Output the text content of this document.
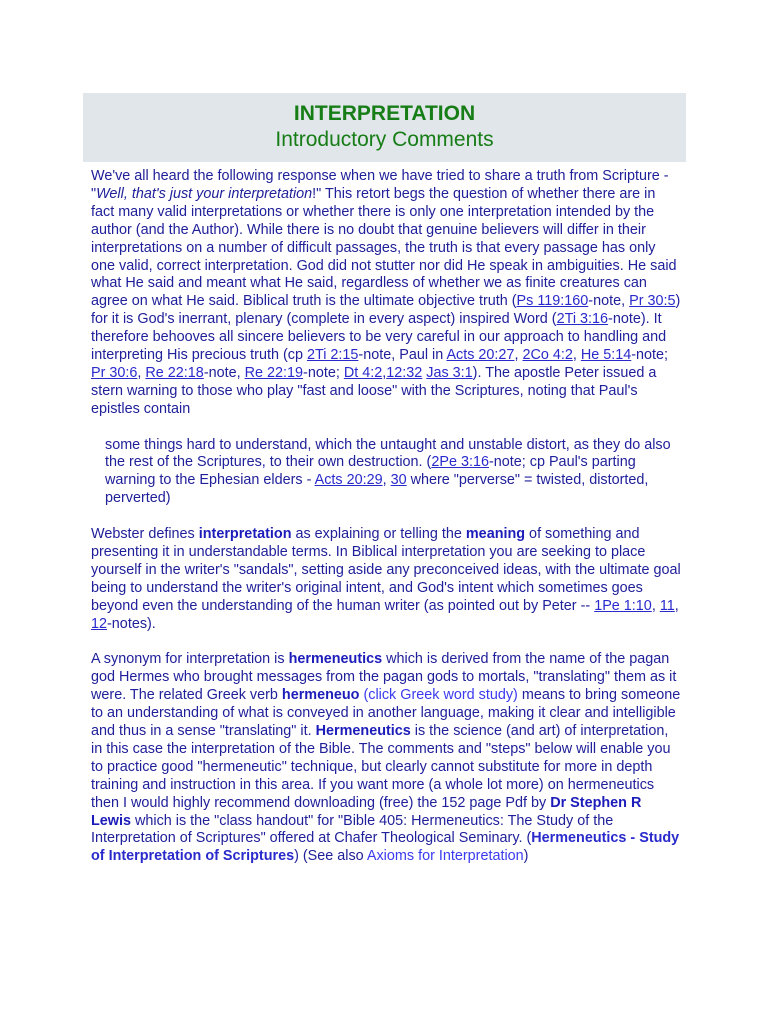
INTERPRETATION
Introductory Comments

We've all heard the following response when we have tried to share a truth from Scripture - "Well, that's just your interpretation!" This retort begs the question of whether there are in fact many valid interpretations or whether there is only one interpretation intended by the author (and the Author). While there is no doubt that genuine believers will differ in their interpretations on a number of difficult passages, the truth is that every passage has only one valid, correct interpretation. God did not stutter nor did He speak in ambiguities. He said what He said and meant what He said, regardless of whether we as finite creatures can agree on what He said. Biblical truth is the ultimate objective truth (Ps 119:160-note, Pr 30:5) for it is God's inerrant, plenary (complete in every aspect) inspired Word (2Ti 3:16-note). It therefore behooves all sincere believers to be very careful in our approach to handling and interpreting His precious truth (cp 2Ti 2:15-note, Paul in Acts 20:27, 2Co 4:2, He 5:14-note; Pr 30:6, Re 22:18-note, Re 22:19-note; Dt 4:2,12:32 Jas 3:1). The apostle Peter issued a stern warning to those who play "fast and loose" with the Scriptures, noting that Paul's epistles contain

some things hard to understand, which the untaught and unstable distort, as they do also the rest of the Scriptures, to their own destruction. (2Pe 3:16-note; cp Paul's parting warning to the Ephesian elders - Acts 20:29, 30 where "perverse" = twisted, distorted, perverted)

Webster defines interpretation as explaining or telling the meaning of something and presenting it in understandable terms. In Biblical interpretation you are seeking to place yourself in the writer's "sandals", setting aside any preconceived ideas, with the ultimate goal being to understand the writer's original intent, and God's intent which sometimes goes beyond even the understanding of the human writer (as pointed out by Peter -- 1Pe 1:10, 11, 12-notes).

A synonym for interpretation is hermeneutics which is derived from the name of the pagan god Hermes who brought messages from the pagan gods to mortals, "translating" them as it were. The related Greek verb hermeneuo (click Greek word study) means to bring someone to an understanding of what is conveyed in another language, making it clear and intelligible and thus in a sense "translating" it. Hermeneutics is the science (and art) of interpretation, in this case the interpretation of the Bible. The comments and "steps" below will enable you to practice good "hermeneutic" technique, but clearly cannot substitute for more in depth training and instruction in this area. If you want more (a whole lot more) on hermeneutics then I would highly recommend downloading (free) the 152 page Pdf by Dr Stephen R Lewis which is the "class handout" for "Bible 405: Hermeneutics: The Study of the Interpretation of Scriptures" offered at Chafer Theological Seminary. (Hermeneutics - Study of Interpretation of Scriptures) (See also Axioms for Interpretation)
